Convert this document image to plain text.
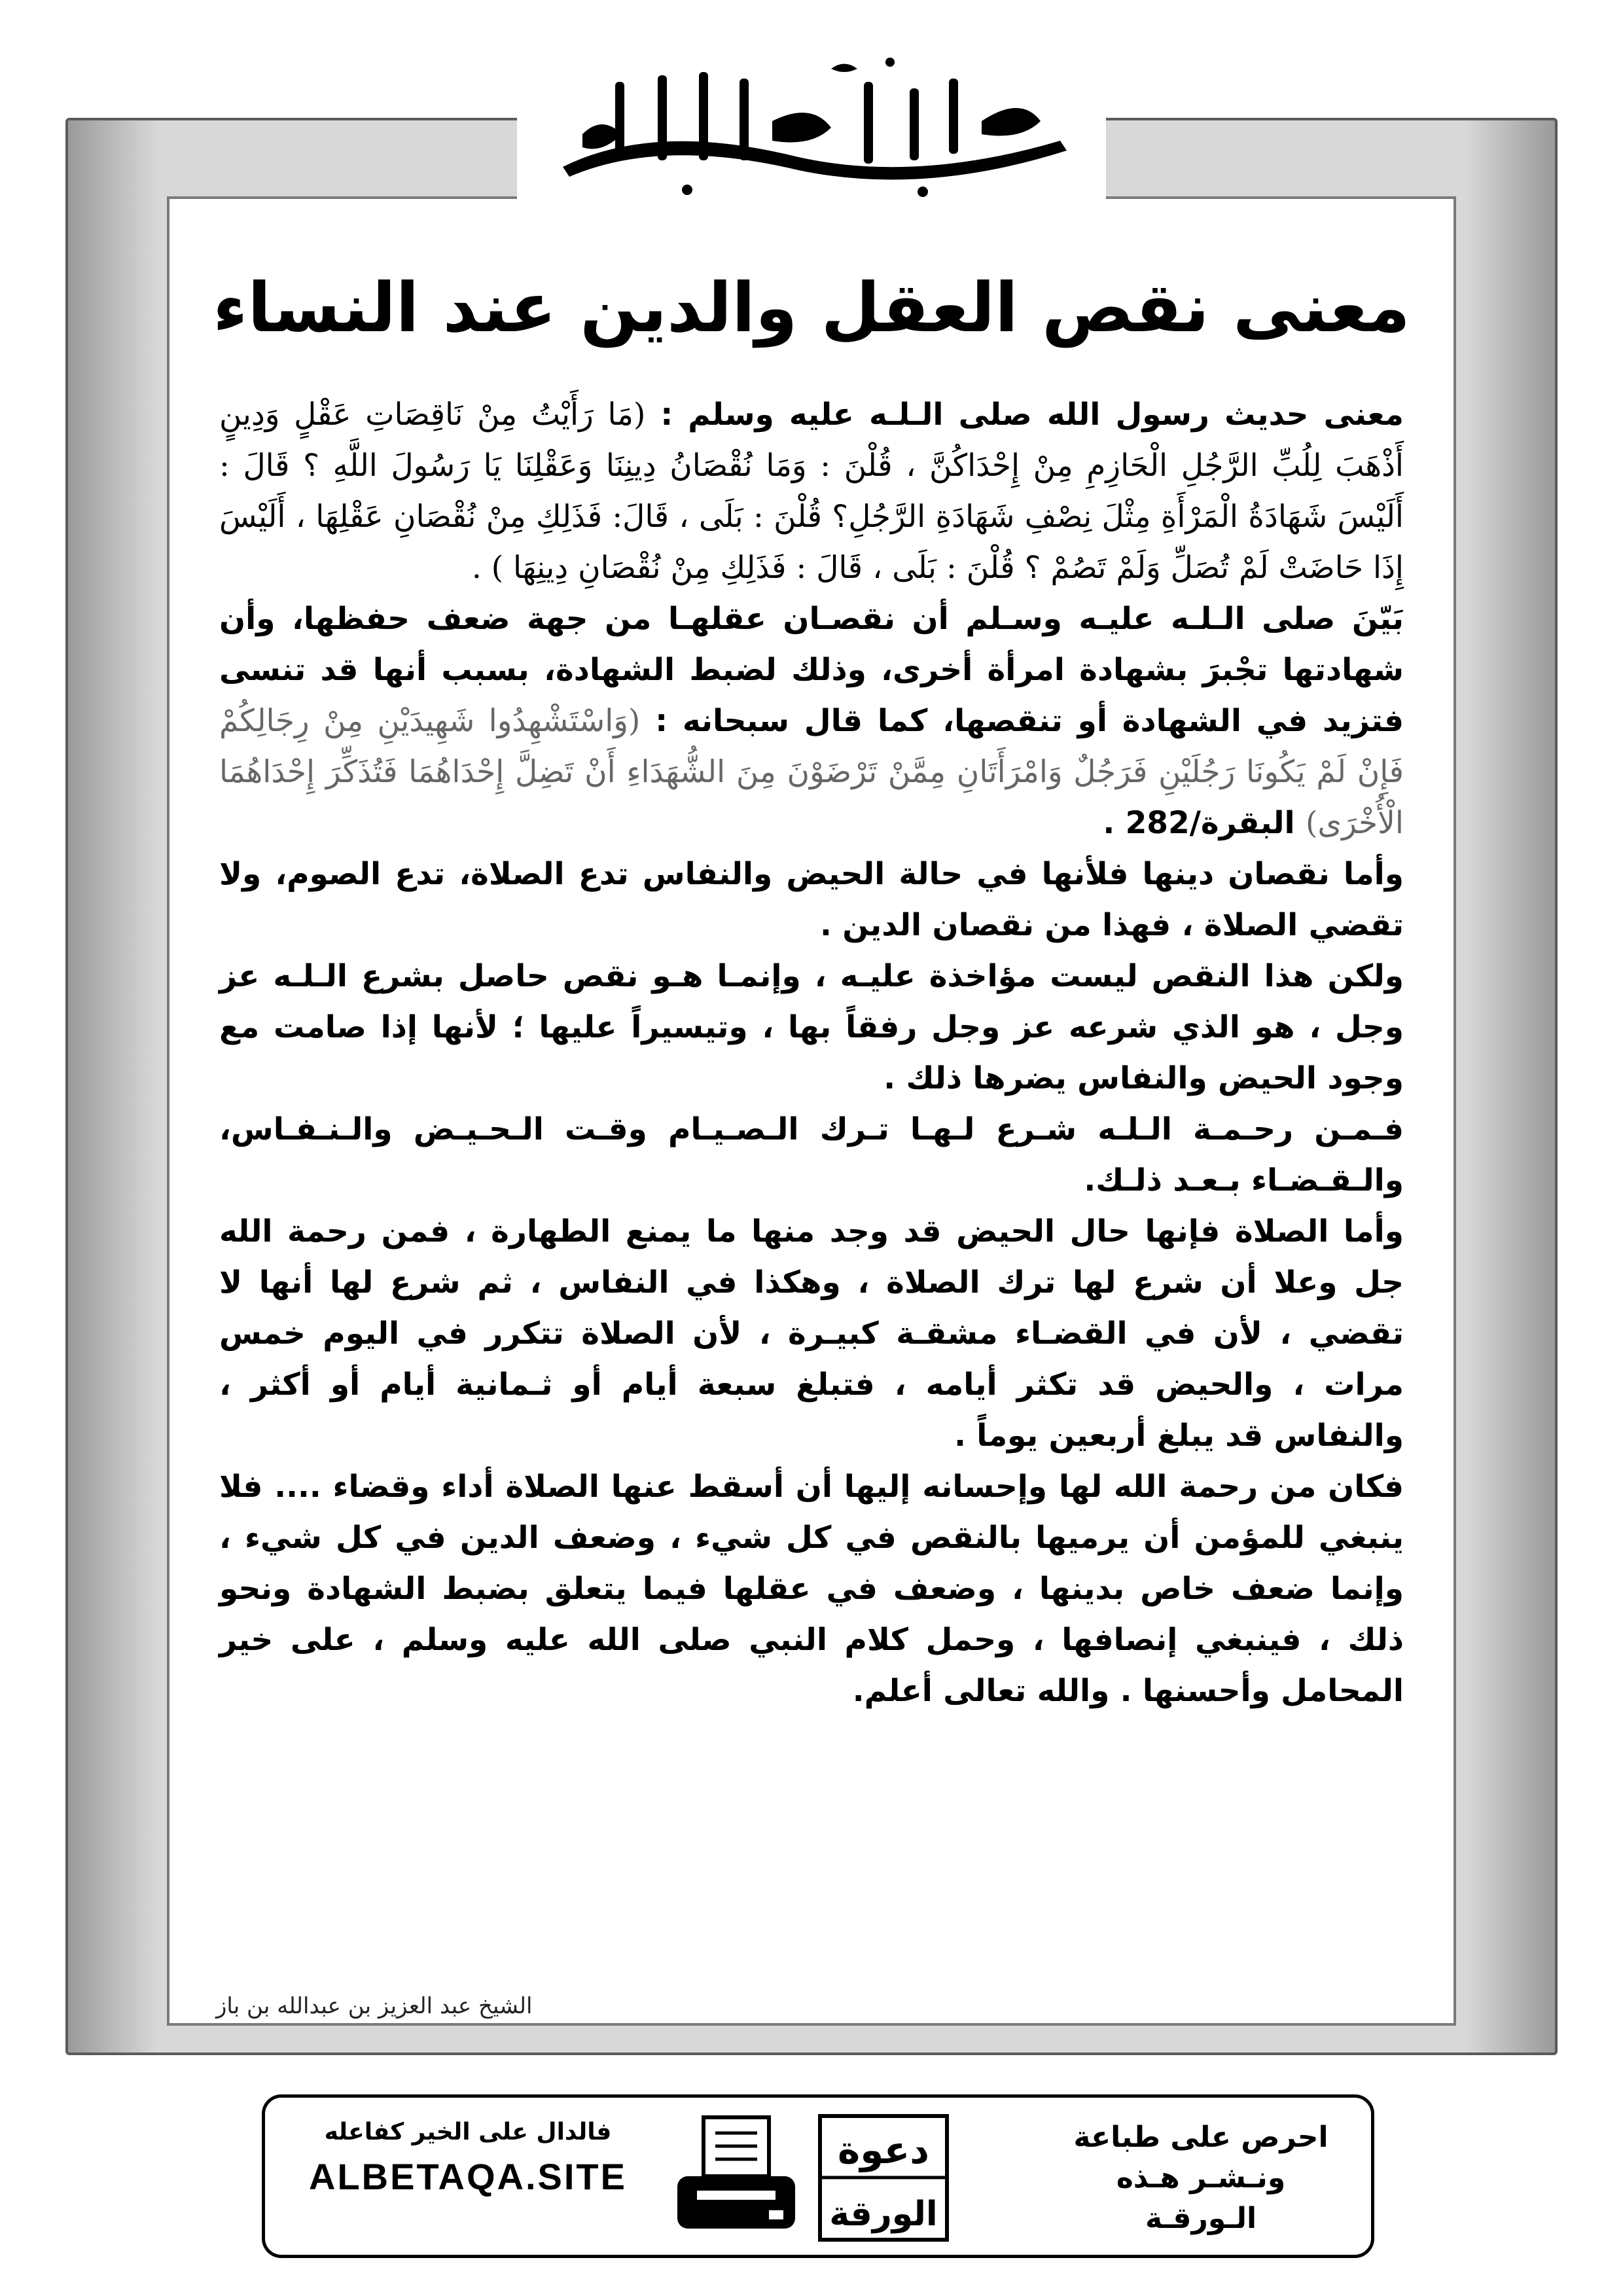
معنى نقص العقل والدين عند النساء

معنى حديث رسول الله صلى الـلـه عليه وسلم : (مَا رَأَيْتُ مِنْ نَاقِصَاتِ عَقْلٍ وَدِينٍ أَذْهَبَ لِلُبِّ الرَّجُلِ الْحَازِمِ مِنْ إِحْدَاكُنَّ ، قُلْنَ : وَمَا نُقْصَانُ دِينِنَا وَعَقْلِنَا يَا رَسُولَ اللَّهِ ؟ قَالَ : أَلَيْسَ شَهَادَةُ الْمَرْأَةِ مِثْلَ نِصْفِ شَهَادَةِ الرَّجُلِ؟ قُلْنَ : بَلَى ، قَالَ: فَذَلِكِ مِنْ نُقْصَانِ عَقْلِهَا ، أَلَيْسَ إِذَا حَاضَتْ لَمْ تُصَلِّ وَلَمْ تَصُمْ ؟ قُلْنَ : بَلَى ، قَالَ : فَذَلِكِ مِنْ نُقْصَانِ دِينِهَا ) .

بَيّنَ صلى الـلـه عليـه وسـلم أن نقصـان عقلهـا من جهة ضعف حفظها، وأن شهادتها تجْبرَ بشهادة امرأة أخرى، وذلك لضبط الشهادة، بسبب أنها قد تنسى فتزيد في الشهادة أو تنقصها، كما قال سبحانه : (وَاسْتَشْهِدُوا شَهِيدَيْنِ مِنْ رِجَالِكُمْ فَإِنْ لَمْ يَكُونَا رَجُلَيْنِ فَرَجُلٌ وَامْرَأَتَانِ مِمَّنْ تَرْضَوْنَ مِنَ الشُّهَدَاءِ أَنْ تَضِلَّ إِحْدَاهُمَا فَتُذَكِّرَ إِحْدَاهُمَا الْأُخْرَى) البقرة/282 .

وأما نقصان دينها فلأنها في حالة الحيض والنفاس تدع الصلاة، تدع الصوم، ولا تقضي الصلاة ، فهذا من نقصان الدين .

ولكن هذا النقص ليست مؤاخذة عليـه ، وإنمـا هـو نقص حاصل بشرع الـلـه عز وجل ، هو الذي شرعه عز وجل رفقاً بها ، وتيسيراً عليها ؛ لأنها إذا صامت مع وجود الحيض والنفاس يضرها ذلك .

فـمـن رحـمـة الـلـه شـرع لـهـا تـرك الـصـيـام وقـت الـحـيـض والـنـفـاس، والـقـضـاء بـعـد ذلـك.

وأما الصلاة فإنها حال الحيض قد وجد منها ما يمنع الطهارة ، فمن رحمة الله جل وعلا أن شرع لها ترك الصلاة ، وهكذا في النفاس ، ثم شرع لها أنها لا تقضي ، لأن في القضـاء مشقـة كبيـرة ، لأن الصلاة تتكرر في اليوم خمس مرات ، والحيض قد تكثر أيامه ، فتبلغ سبعة أيام أو ثـمانية أيام أو أكثر ، والنفاس قد يبلغ أربعين يوماً .

فكان من رحمة الله لها وإحسانه إليها أن أسقط عنها الصلاة أداء وقضاء .... فلا ينبغي للمؤمن أن يرميها بالنقص في كل شيء ، وضعف الدين في كل شيء ، وإنما ضعف خاص بدينها ، وضعف في عقلها فيما يتعلق بضبط الشهادة ونحو ذلك ، فينبغي إنصافها ، وحمل كلام النبي صلى الله عليه وسلم ، على خير المحامل وأحسنها . والله تعالى أعلم.

الشيخ عبد العزيز بن عبدالله بن باز
احرص على طباعة
ونـشـر هـذه الـورقـة
دعوة
الورقة
فالدال على الخير كفاعله
ALBETAQA.SITE
